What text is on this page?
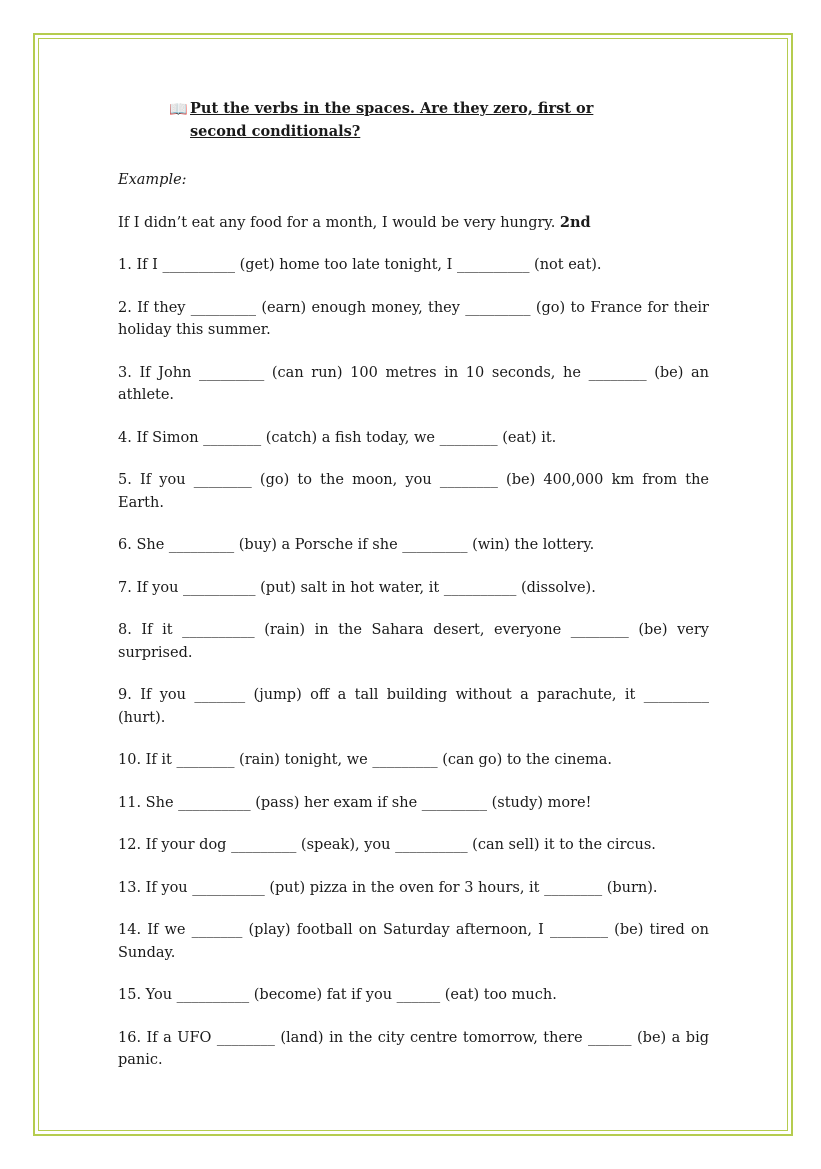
📖 Put the verbs in the spaces. Are they zero, first or second conditionals?
Example:
If I didn’t eat any food for a month, I would be very hungry. 2nd
1. If I __________ (get) home too late tonight, I __________ (not eat).
2. If they _________ (earn) enough money, they _________ (go) to France for their holiday this summer.
3. If John _________ (can run) 100 metres in 10 seconds, he ________ (be) an athlete.
4. If Simon ________ (catch) a fish today, we ________ (eat) it.
5. If you ________ (go) to the moon, you ________ (be) 400,000 km from the Earth.
6. She _________ (buy) a Porsche if she _________ (win) the lottery.
7. If you __________ (put) salt in hot water, it __________ (dissolve).
8. If it __________ (rain) in the Sahara desert, everyone ________ (be) very surprised.
9. If you _______ (jump) off a tall building without a parachute, it _________ (hurt).
10. If it ________ (rain) tonight, we _________ (can go) to the cinema.
11. She __________ (pass) her exam if she _________ (study) more!
12. If your dog _________ (speak), you __________ (can sell) it to the circus.
13. If you __________ (put) pizza in the oven for 3 hours, it ________ (burn).
14. If we _______ (play) football on Saturday afternoon, I ________ (be) tired on Sunday.
15. You __________ (become) fat if you ______ (eat) too much.
16. If a UFO ________ (land) in the city centre tomorrow, there ______ (be) a big panic.
